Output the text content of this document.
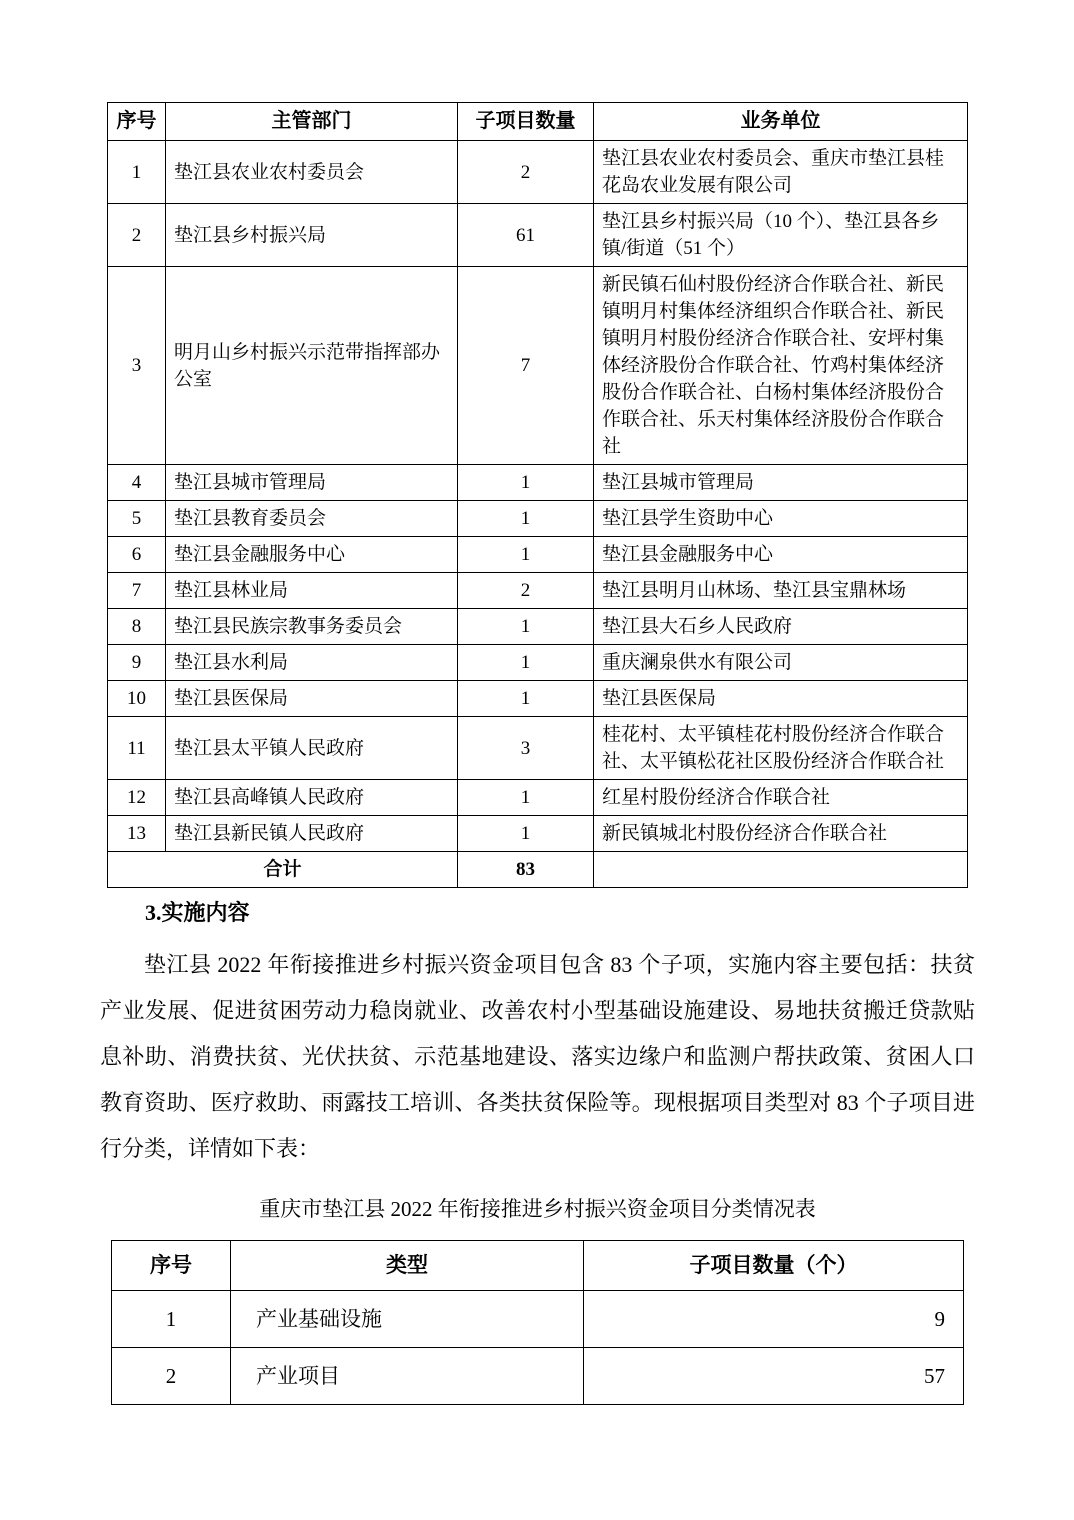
序号	主管部门	子项目数量	业务单位
1	垫江县农业农村委员会	2	垫江县农业农村委员会、重庆市垫江县桂花岛农业发展有限公司
2	垫江县乡村振兴局	61	垫江县乡村振兴局（10 个）、垫江县各乡镇/街道（51 个）
3	明月山乡村振兴示范带指挥部办公室	7	新民镇石仙村股份经济合作联合社、新民镇明月村集体经济组织合作联合社、新民镇明月村股份经济合作联合社、安坪村集体经济股份合作联合社、竹鸡村集体经济股份合作联合社、白杨村集体经济股份合作联合社、乐天村集体经济股份合作联合社
4	垫江县城市管理局	1	垫江县城市管理局
5	垫江县教育委员会	1	垫江县学生资助中心
6	垫江县金融服务中心	1	垫江县金融服务中心
7	垫江县林业局	2	垫江县明月山林场、垫江县宝鼎林场
8	垫江县民族宗教事务委员会	1	垫江县大石乡人民政府
9	垫江县水利局	1	重庆澜泉供水有限公司
10	垫江县医保局	1	垫江县医保局
11	垫江县太平镇人民政府	3	桂花村、太平镇桂花村股份经济合作联合社、太平镇松花社区股份经济合作联合社
12	垫江县高峰镇人民政府	1	红星村股份经济合作联合社
13	垫江县新民镇人民政府	1	新民镇城北村股份经济合作联合社
合计		83	
3.实施内容

垫江县 2022 年衔接推进乡村振兴资金项目包含 83 个子项，实施内容主要包括：扶贫产业发展、促进贫困劳动力稳岗就业、改善农村小型基础设施建设、易地扶贫搬迁贷款贴息补助、消费扶贫、光伏扶贫、示范基地建设、落实边缘户和监测户帮扶政策、贫困人口教育资助、医疗救助、雨露技工培训、各类扶贫保险等。现根据项目类型对 83 个子项目进行分类，详情如下表：

重庆市垫江县 2022 年衔接推进乡村振兴资金项目分类情况表

序号	类型	子项目数量（个）
1	产业基础设施	9
2	产业项目	57
